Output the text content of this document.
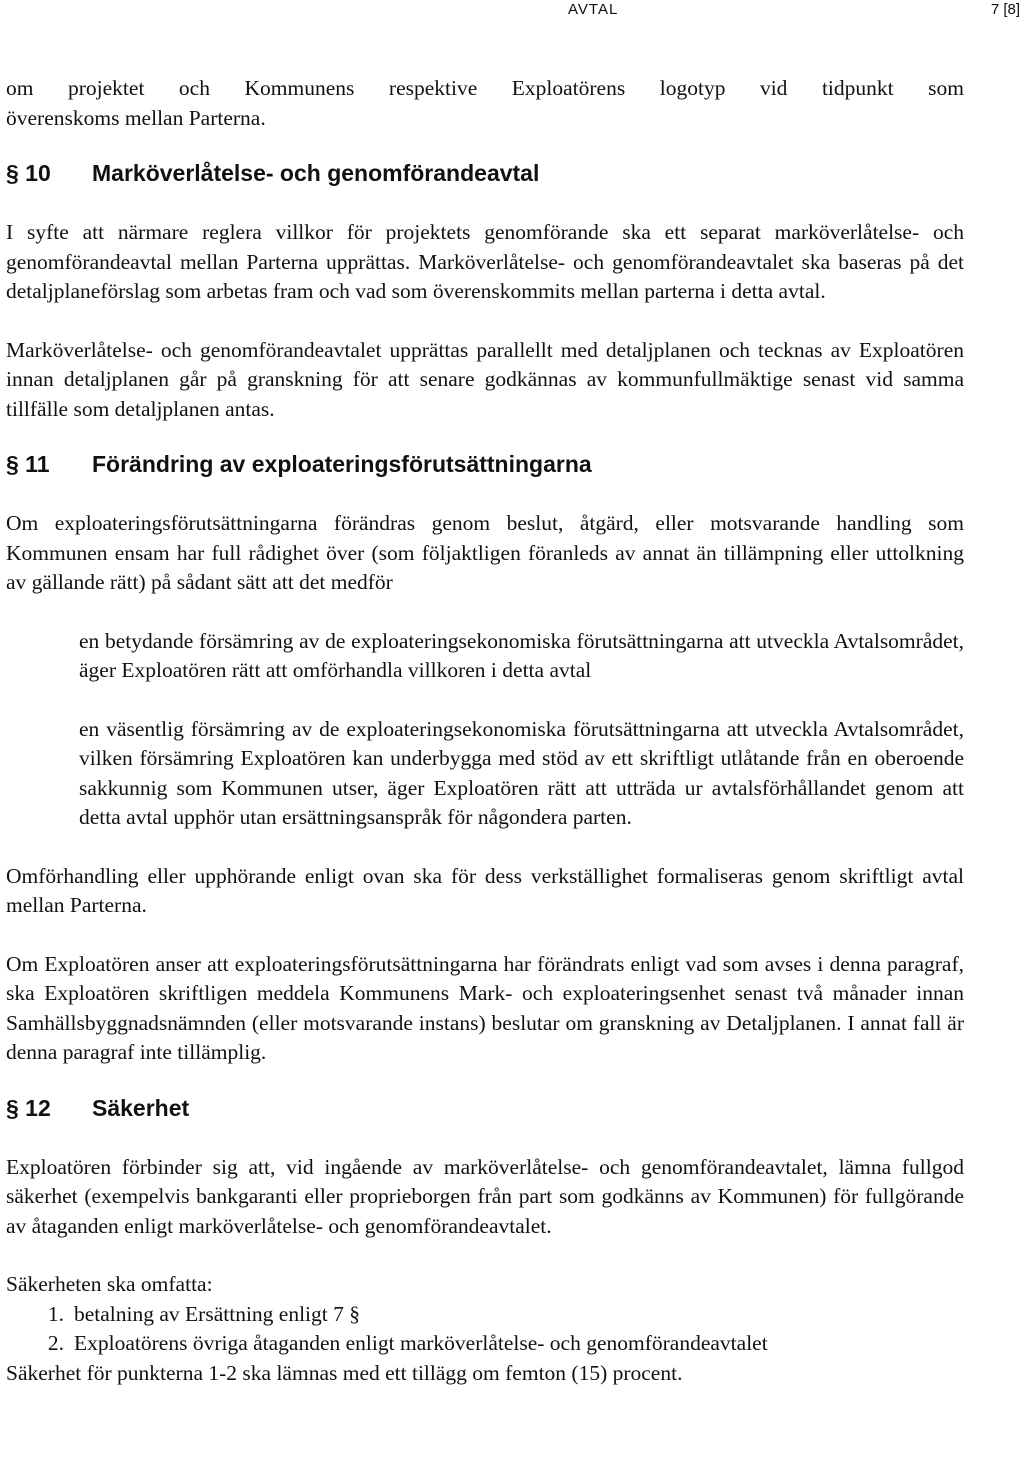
AVTAL	7 [8]

om projektet och Kommunens respektive Exploatörens logotyp vid tidpunkt som

överenskoms mellan Parterna.

§ 10	Marköverlåtelse- och genomförandeavtal

I syfte att närmare reglera villkor för projektets genomförande ska ett separat marköverlåtelse- och genomförandeavtal mellan Parterna upprättas. Marköverlåtelse- och genomförandeavtalet ska baseras på det detaljplaneförslag som arbetas fram och vad som överenskommits mellan parterna i detta avtal.

Marköverlåtelse- och genomförandeavtalet upprättas parallellt med detaljplanen och tecknas av Exploatören innan detaljplanen går på granskning för att senare godkännas av kommunfullmäktige senast vid samma tillfälle som detaljplanen antas.

§ 11	Förändring av exploateringsförutsättningarna

Om exploateringsförutsättningarna förändras genom beslut, åtgärd, eller motsvarande handling som Kommunen ensam har full rådighet över (som följaktligen föranleds av annat än tillämpning eller uttolkning av gällande rätt) på sådant sätt att det medför

en betydande försämring av de exploateringsekonomiska förutsättningarna att utveckla Avtalsområdet, äger Exploatören rätt att omförhandla villkoren i detta avtal

en väsentlig försämring av de exploateringsekonomiska förutsättningarna att utveckla Avtalsområdet, vilken försämring Exploatören kan underbygga med stöd av ett skriftligt utlåtande från en oberoende sakkunnig som Kommunen utser, äger Exploatören rätt att utträda ur avtalsförhållandet genom att detta avtal upphör utan ersättningsanspråk för någondera parten.

Omförhandling eller upphörande enligt ovan ska för dess verkställighet formaliseras genom skriftligt avtal mellan Parterna.

Om Exploatören anser att exploateringsförutsättningarna har förändrats enligt vad som avses i denna paragraf, ska Exploatören skriftligen meddela Kommunens Mark- och exploateringsenhet senast två månader innan Samhällsbyggnadsnämnden (eller motsvarande instans) beslutar om granskning av Detaljplanen. I annat fall är denna paragraf inte tillämplig.

§ 12	Säkerhet

Exploatören förbinder sig att, vid ingående av marköverlåtelse- och genomförandeavtalet, lämna fullgod säkerhet (exempelvis bankgaranti eller proprieborgen från part som godkänns av Kommunen) för fullgörande av åtaganden enligt marköverlåtelse- och genomförandeavtalet.

Säkerheten ska omfatta:

1. betalning av Ersättning enligt 7 §
2. Exploatörens övriga åtaganden enligt marköverlåtelse- och genomförandeavtalet

Säkerhet för punkterna 1-2 ska lämnas med ett tillägg om femton (15) procent.
